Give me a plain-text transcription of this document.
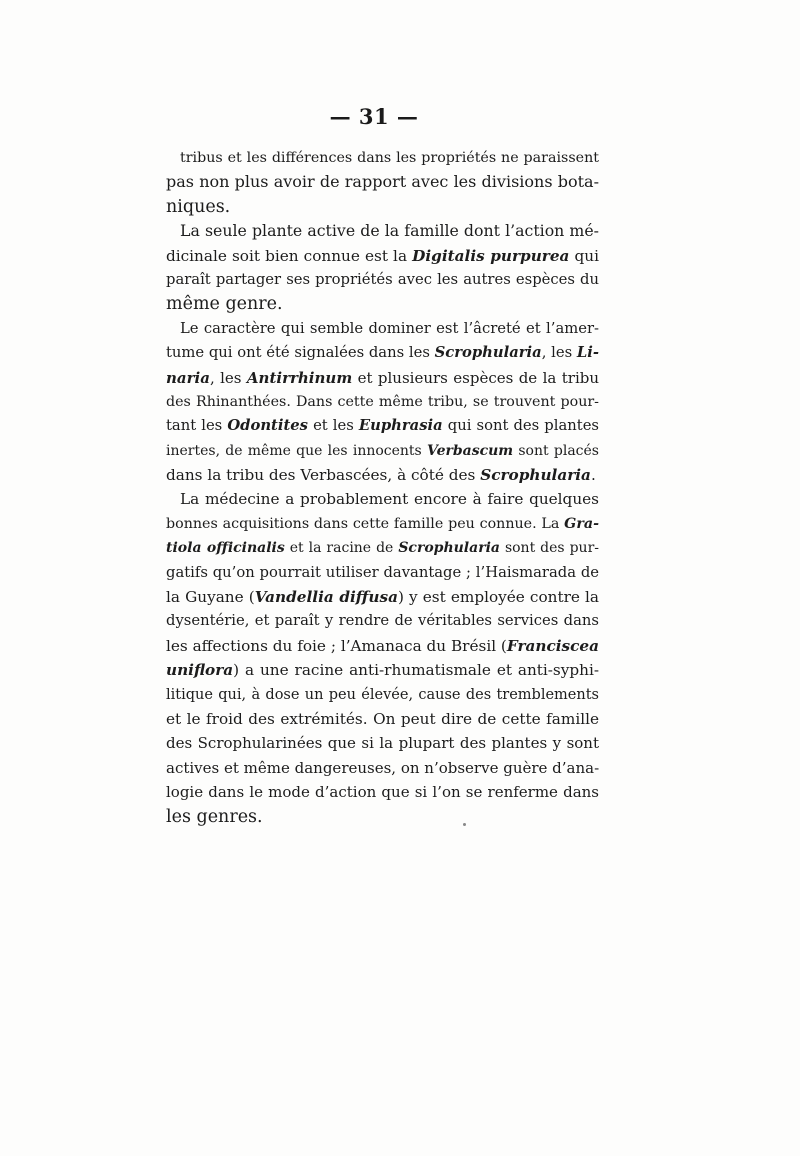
— 31 —
tribus et les différences dans les propriétés ne paraissent
pas non plus avoir de rapport avec les divisions bota-
niques.
La seule plante active de la famille dont l’action mé-
dicinale soit bien connue est la Digitalis purpurea qui
paraît partager ses propriétés avec les autres espèces du
même genre.
Le caractère qui semble dominer est l’âcreté et l’amer-
tume qui ont été signalées dans les Scrophularia, les Li-
naria, les Antirrhinum et plusieurs espèces de la tribu
des Rhinanthées. Dans cette même tribu, se trouvent pour-
tant les Odontites et les Euphrasia qui sont des plantes
inertes, de même que les innocents Verbascum sont placés
dans la tribu des Verbascées, à côté des Scrophularia.
La médecine a probablement encore à faire quelques
bonnes acquisitions dans cette famille peu connue. La Gra-
tiola officinalis et la racine de Scrophularia sont des pur-
gatifs qu’on pourrait utiliser davantage ; l’Haismarada de
la Guyane (Vandellia diffusa) y est employée contre la
dysentérie, et paraît y rendre de véritables services dans
les affections du foie ; l’Amanaca du Brésil (Franciscea
uniflora) a une racine anti-rhumatismale et anti-syphi-
litique qui, à dose un peu élevée, cause des tremblements
et le froid des extrémités. On peut dire de cette famille
des Scrophularinées que si la plupart des plantes y sont
actives et même dangereuses, on n’observe guère d’ana-
logie dans le mode d’action que si l’on se renferme dans
les genres.
